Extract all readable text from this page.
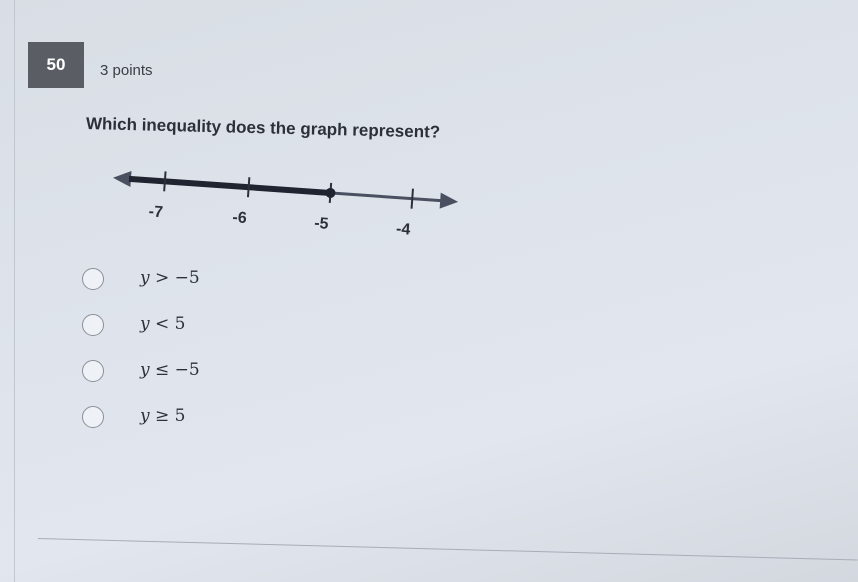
50 3 points
Which inequality does the graph represent?
-7	-6	-5	-4
y > −5
y < 5
y ≤ −5
y ≥ 5
